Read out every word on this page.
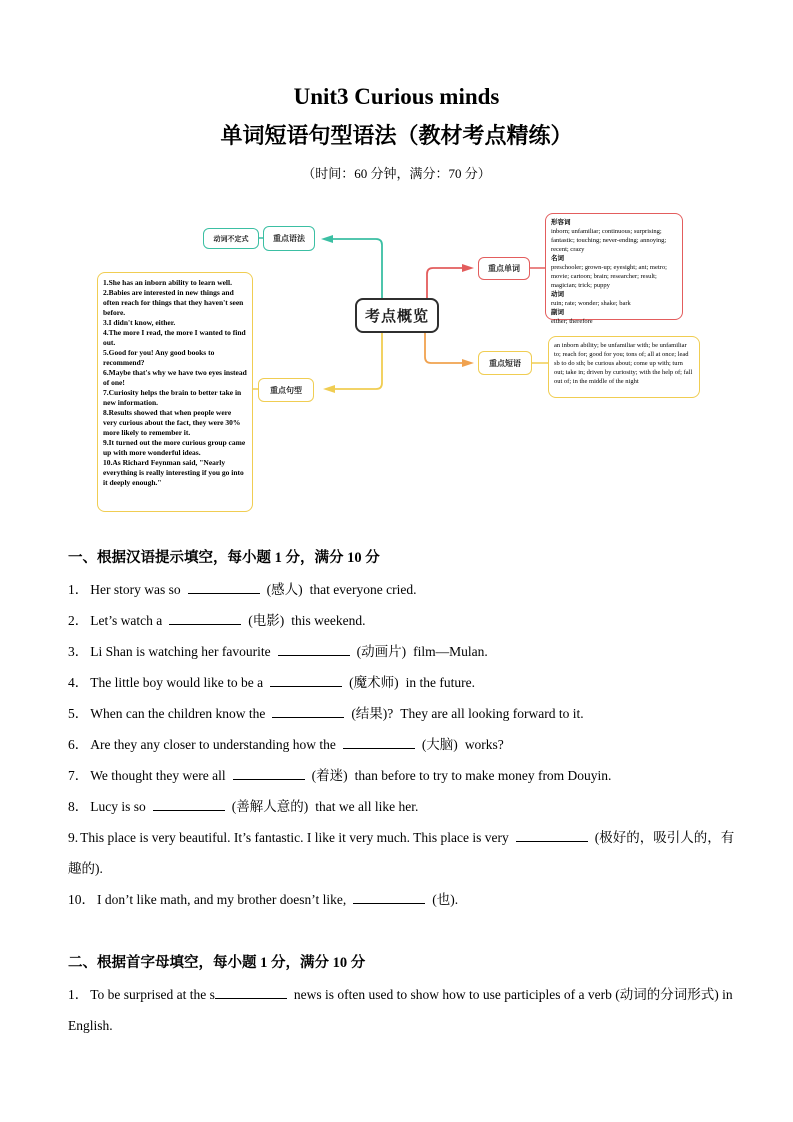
Unit3 Curious minds
单词短语句型语法（教材考点精练）
（时间：60 分钟，满分：70 分）
考点概览
重点语法
动词不定式
重点单词
重点短语
重点句型
1.She has an inborn ability to learn well.
2.Babies are interested in new things and often reach for things that they haven't seen before.
3.I didn't know, either.
4.The more I read, the more I wanted to find out.
5.Good for you! Any good books to recommend?
6.Maybe that's why we have two eyes instead of one!
7.Curiosity helps the brain to better take in new information.
8.Results showed that when people were very curious about the fact, they were 30% more likely to remember it.
9.It turned out the more curious group came up with more wonderful ideas.
10.As Richard Feynman said, "Nearly everything is really interesting if you go into it deeply enough."
形容词
inborn; unfamiliar; continuous; surprising; fantastic; touching; never-ending; annoying; recent; crazy
名词
preschooler; grown-up; eyesight; ant; metro; movie; cartoon; brain; researcher; result; magician; trick; puppy
动词
ruin; rate; wonder; shake; bark
副词
either; therefore
an inborn ability; be unfamiliar with; be unfamiliar to; reach for; good for you; tons of; all at once; lead sb to do sth; be curious about; come up with; turn out; take in; driven by curiosity; with the help of; fall out of; in the middle of the night
一、根据汉语提示填空，每小题 1 分，满分 10 分
1． Her story was so	(感人) that everyone cried.
2． Let’s watch a	(电影) this weekend.
3． Li Shan is watching her favourite	(动画片) film—Mulan.
4． The little boy would like to be a	(魔术师) in the future.
5． When can the children know the	(结果)? They are all looking forward to it.
6． Are they any closer to understanding how the	(大脑) works?
7． We thought they were all	(着迷) than before to try to make money from Douyin.
8． Lucy is so	(善解人意的) that we all like her.
9. This place is very beautiful. It’s fantastic. I like it very much. This place is very	(极好的，吸引人的，有趣的).
10． I don’t like math, and my brother doesn’t like,	(也).
二、根据首字母填空，每小题 1 分，满分 10 分
1． To be surprised at the s	news is often used to show how to use participles of a verb (动词的分词形式) in English.
